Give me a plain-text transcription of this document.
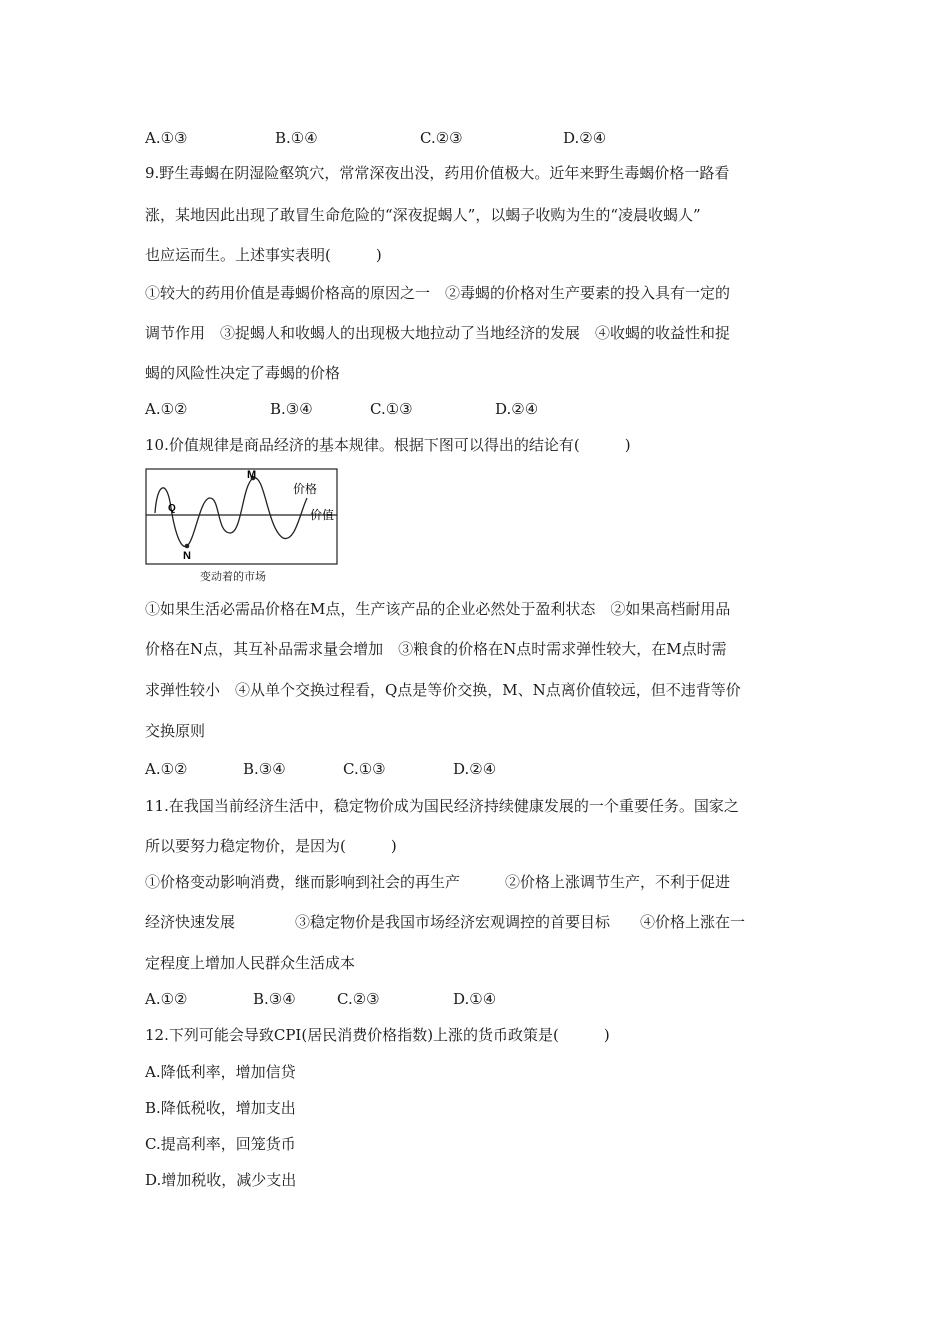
A.①③	B.①④	C.②③	D.②④
9.野生毒蝎在阴湿险壑筑穴，常常深夜出没，药用价值极大。近年来野生毒蝎价格一路看
涨，某地因此出现了敢冒生命危险的“深夜捉蝎人”，以蝎子收购为生的“凌晨收蝎人”
也应运而生。上述事实表明(　　　)
①较大的药用价值是毒蝎价格高的原因之一　②毒蝎的价格对生产要素的投入具有一定的
调节作用　③捉蝎人和收蝎人的出现极大地拉动了当地经济的发展　④收蝎的收益性和捉
蝎的风险性决定了毒蝎的价格
A.①②	B.③④	C.①③	D.②④
10.价值规律是商品经济的基本规律。根据下图可以得出的结论有(　　　)
M
N
Q
价格
价值
变动着的市场
①如果生活必需品价格在M点，生产该产品的企业必然处于盈利状态　②如果高档耐用品
价格在N点，其互补品需求量会增加　③粮食的价格在N点时需求弹性较大，在M点时需
求弹性较小　④从单个交换过程看，Q点是等价交换，M、N点离价值较远，但不违背等价
交换原则
A.①②	B.③④	C.①③	D.②④
11.在我国当前经济生活中，稳定物价成为国民经济持续健康发展的一个重要任务。国家之
所以要努力稳定物价，是因为(　　　)
①价格变动影响消费，继而影响到社会的再生产　　　②价格上涨调节生产，不利于促进
经济快速发展　　　　③稳定物价是我国市场经济宏观调控的首要目标　　④价格上涨在一
定程度上增加人民群众生活成本
A.①②	B.③④	C.②③	D.①④
12.下列可能会导致CPI(居民消费价格指数)上涨的货币政策是(　　　)
A.降低利率，增加信贷
B.降低税收，增加支出
C.提高利率，回笼货币
D.增加税收，减少支出
